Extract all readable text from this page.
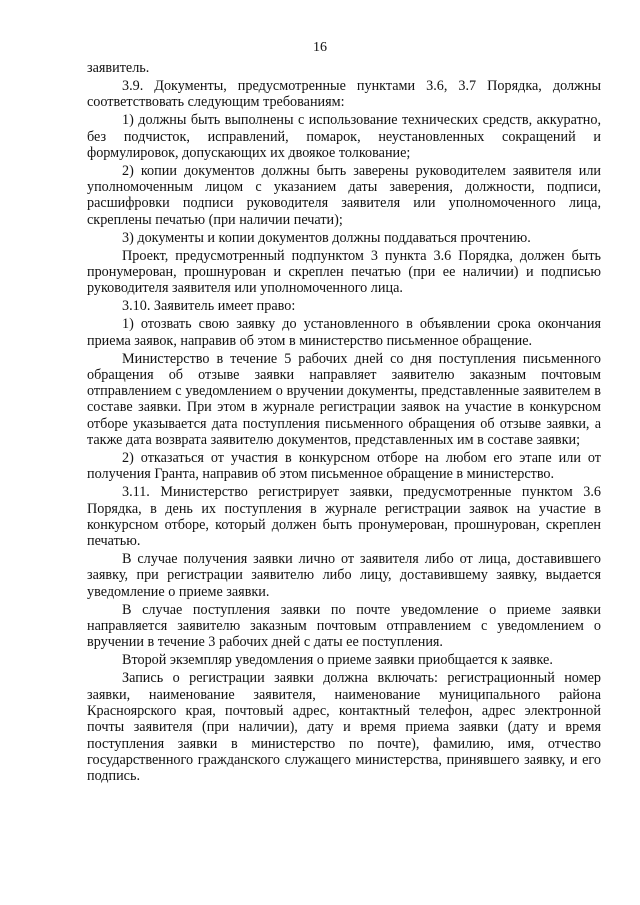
16

заявитель.

3.9. Документы, предусмотренные пунктами 3.6, 3.7 Порядка, должны соответствовать следующим требованиям:

1) должны быть выполнены с использование технических средств, аккуратно, без подчисток, исправлений, помарок, неустановленных сокращений и формулировок, допускающих их двоякое толкование;

2) копии документов должны быть заверены руководителем заявителя или уполномоченным лицом с указанием даты заверения, должности, подписи, расшифровки подписи руководителя заявителя или уполномоченного лица, скреплены печатью (при наличии печати);

3) документы и копии документов должны поддаваться прочтению.

Проект, предусмотренный подпунктом 3 пункта 3.6 Порядка, должен быть пронумерован, прошнурован и скреплен печатью (при ее наличии) и подписью руководителя заявителя или уполномоченного лица.

3.10. Заявитель имеет право:

1) отозвать свою заявку до установленного в объявлении срока окончания приема заявок, направив об этом в министерство письменное обращение.

Министерство в течение 5 рабочих дней со дня поступления письменного обращения об отзыве заявки направляет заявителю заказным почтовым отправлением с уведомлением о вручении документы, представленные заявителем в составе заявки. При этом в журнале регистрации заявок на участие в конкурсном отборе указывается дата поступления письменного обращения об отзыве заявки, а также дата возврата заявителю документов, представленных им в составе заявки;

2) отказаться от участия в конкурсном отборе на любом его этапе или от получения Гранта, направив об этом письменное обращение в министерство.

3.11. Министерство регистрирует заявки, предусмотренные пунктом 3.6 Порядка, в день их поступления в журнале регистрации заявок на участие в конкурсном отборе, который должен быть пронумерован, прошнурован, скреплен печатью.

В случае получения заявки лично от заявителя либо от лица, доставившего заявку, при регистрации заявителю либо лицу, доставившему заявку, выдается уведомление о приеме заявки.

В случае поступления заявки по почте уведомление о приеме заявки направляется заявителю заказным почтовым отправлением с уведомлением о вручении в течение 3 рабочих дней с даты ее поступления.

Второй экземпляр уведомления о приеме заявки приобщается к заявке.

Запись о регистрации заявки должна включать: регистрационный номер заявки, наименование заявителя, наименование муниципального района Красноярского края, почтовый адрес, контактный телефон, адрес электронной почты заявителя (при наличии), дату и время приема заявки (дату и время поступления заявки в министерство по почте), фамилию, имя, отчество государственного гражданского служащего министерства, принявшего заявку, и его подпись.
